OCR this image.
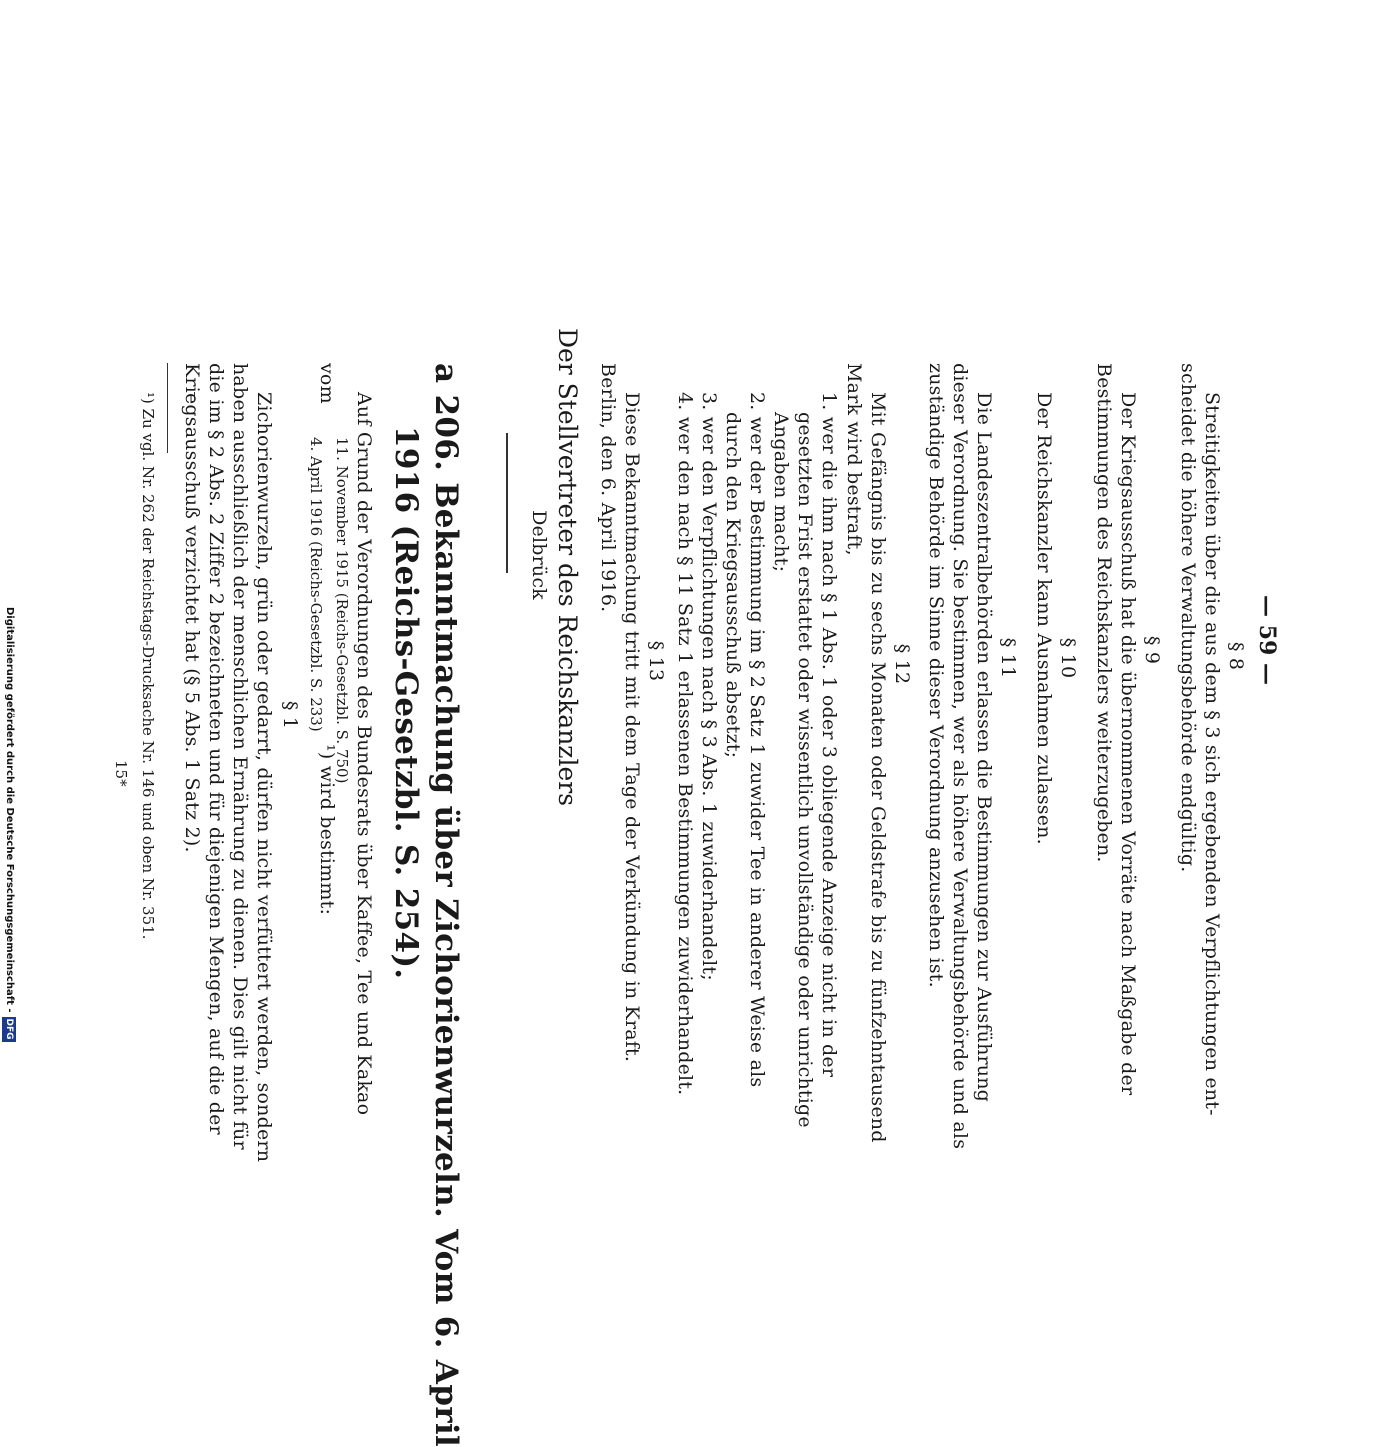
— 59 —
§ 8
Streitigkeiten über die aus dem § 3 sich ergebenden Verpflichtungen ent-
scheidet die höhere Verwaltungsbehörde endgültig.
§ 9
Der Kriegsausschuß hat die übernommenen Vorräte nach Maßgabe der
Bestimmungen des Reichskanzlers weiterzugeben.
§ 10
Der Reichskanzler kann Ausnahmen zulassen.
§ 11
Die Landeszentralbehörden erlassen die Bestimmungen zur Ausführung
dieser Verordnung. Sie bestimmen, wer als höhere Verwaltungsbehörde und als
zuständige Behörde im Sinne dieser Verordnung anzusehen ist.
§ 12
Mit Gefängnis bis zu sechs Monaten oder Geldstrafe bis zu fünfzehntausend
Mark wird bestraft,
1. wer die ihm nach § 1 Abs. 1 oder 3 obliegende Anzeige nicht in der
gesetzten Frist erstattet oder wissentlich unvollständige oder unrichtige
Angaben macht;
2. wer der Bestimmung im § 2 Satz 1 zuwider Tee in anderer Weise als
durch den Kriegsausschuß absetzt;
3. wer den Verpflichtungen nach § 3 Abs. 1 zuwiderhandelt;
4. wer den nach § 11 Satz 1 erlassenen Bestimmungen zuwiderhandelt.
§ 13
Diese Bekanntmachung tritt mit dem Tage der Verkündung in Kraft.
Berlin, den 6. April 1916.
Der Stellvertreter des Reichskanzlers
Delbrück
a 206. Bekanntmachung über Zichorienwurzeln. Vom 6. April
1916 (Reichs-Gesetzbl. S. 254).
Auf Grund der Verordnungen des Bundesrats über Kaffee, Tee und Kakao
vom
11. November 1915 (Reichs-Gesetzbl. S. 750)
4. April 1916 (Reichs-Gesetzbl. S. 233)
¹) wird bestimmt:
§ 1
Zichorienwurzeln, grün oder gedarrt, dürfen nicht verfüttert werden, sondern
haben ausschließlich der menschlichen Ernährung zu dienen. Dies gilt nicht für
die im § 2 Abs. 2 Ziffer 2 bezeichneten und für diejenigen Mengen, auf die der
Kriegsausschuß verzichtet hat (§ 5 Abs. 1 Satz 2).
¹) Zu vgl. Nr. 262 der Reichstags-Drucksache Nr. 146 und oben Nr. 351.
15*
Digitalisierung gefördert durch die Deutsche Forschungsgemeinschaft -DFG
